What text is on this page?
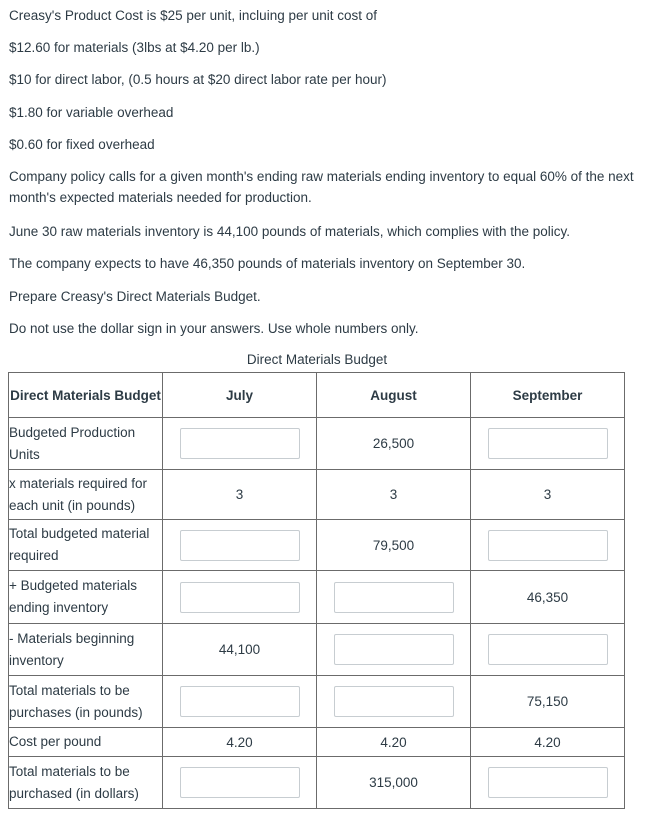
Creasy's Product Cost is $25 per unit, incluing per unit cost of

$12.60 for materials (3lbs at $4.20 per lb.)

$10 for direct labor, (0.5 hours at $20 direct labor rate per hour)

$1.80 for variable overhead

$0.60 for fixed overhead

Company policy calls for a given month's ending raw materials ending inventory to equal 60% of the next month's expected materials needed for production.

June 30 raw materials inventory is 44,100 pounds of materials, which complies with the policy.

The company expects to have 46,350 pounds of materials inventory on September 30.

Prepare Creasy's Direct Materials Budget.

Do not use the dollar sign in your answers. Use whole numbers only.

Direct Materials Budget
Direct Materials Budget	July	August	September
Budgeted Production Units		26,500	

x materials required for each unit (in pounds)	3	3	3
Total budgeted material required		79,500	

+ Budgeted materials ending inventory			46,350
- Materials beginning inventory	44,100	

Total materials to be purchases (in pounds)			75,150
Cost per pound	4.20	4.20	4.20
Total materials to be purchased (in dollars)		315,000	
